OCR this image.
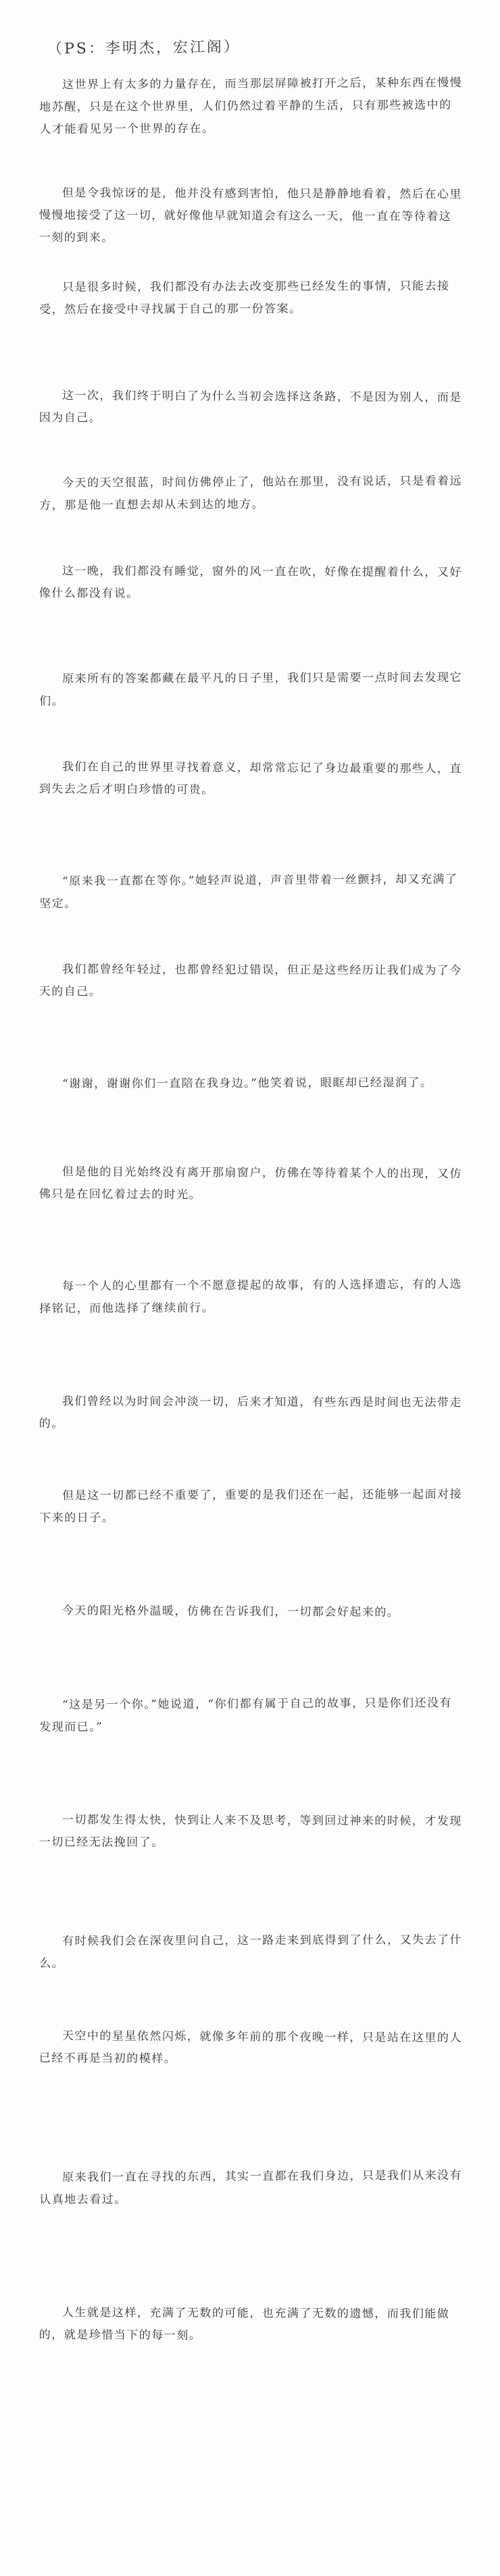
（PS：李明杰，宏江阁）
这世界上有太多的力量存在，而当那层屏障被打开之后，某种东西在慢慢地苏醒，只是在这个世界里，人们仍然过着平静的生活，只有那些被选中的人才能看见另一个世界的存在。
但是令我惊讶的是，他并没有感到害怕，他只是静静地看着，然后在心里慢慢地接受了这一切，就好像他早就知道会有这么一天，他一直在等待着这一刻的到来。
只是很多时候，我们都没有办法去改变那些已经发生的事情，只能去接受，然后在接受中寻找属于自己的那一份答案。
这一次，我们终于明白了为什么当初会选择这条路，不是因为别人，而是因为自己。
今天的天空很蓝，时间仿佛停止了，他站在那里，没有说话，只是看着远方，那是他一直想去却从未到达的地方。
这一晚，我们都没有睡觉，窗外的风一直在吹，好像在提醒着什么，又好像什么都没有说。
原来所有的答案都藏在最平凡的日子里，我们只是需要一点时间去发现它们。
我们在自己的世界里寻找着意义，却常常忘记了身边最重要的那些人，直到失去之后才明白珍惜的可贵。
“原来我一直都在等你。”她轻声说道，声音里带着一丝颤抖，却又充满了坚定。
我们都曾经年轻过，也都曾经犯过错误，但正是这些经历让我们成为了今天的自己。
“谢谢，谢谢你们一直陪在我身边。”他笑着说，眼眶却已经湿润了。
但是他的目光始终没有离开那扇窗户，仿佛在等待着某个人的出现，又仿佛只是在回忆着过去的时光。
每一个人的心里都有一个不愿意提起的故事，有的人选择遗忘，有的人选择铭记，而他选择了继续前行。
我们曾经以为时间会冲淡一切，后来才知道，有些东西是时间也无法带走的。
但是这一切都已经不重要了，重要的是我们还在一起，还能够一起面对接下来的日子。
今天的阳光格外温暖，仿佛在告诉我们，一切都会好起来的。
“这是另一个你。”她说道，“你们都有属于自己的故事，只是你们还没有发现而已。”
一切都发生得太快，快到让人来不及思考，等到回过神来的时候，才发现一切已经无法挽回了。
有时候我们会在深夜里问自己，这一路走来到底得到了什么，又失去了什么。
天空中的星星依然闪烁，就像多年前的那个夜晚一样，只是站在这里的人已经不再是当初的模样。
原来我们一直在寻找的东西，其实一直都在我们身边，只是我们从来没有认真地去看过。
人生就是这样，充满了无数的可能，也充满了无数的遗憾，而我们能做的，就是珍惜当下的每一刻。
